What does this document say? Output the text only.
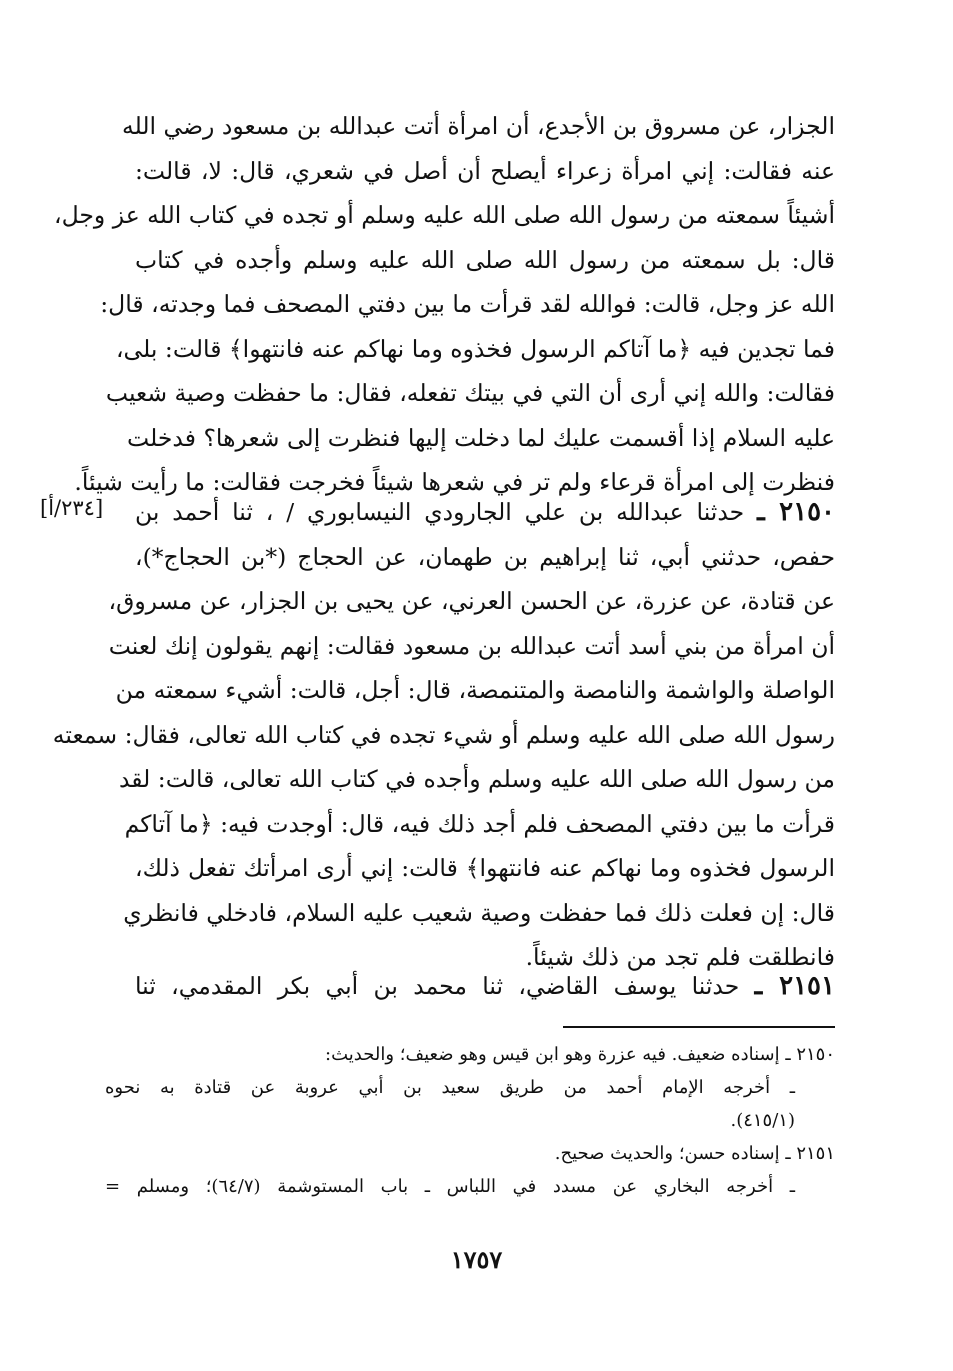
الجزار، عن مسروق بن الأجدع، أن امرأة أتت عبدالله بن مسعود رضي الله
عنه فقالت: إني امرأة زعراء أيصلح أن أصل في شعري، قال: لا، قالت:
أشيئاً سمعته من رسول الله صلى الله عليه وسلم أو تجده في كتاب الله عز وجل،
قال: بل سمعته من رسول الله صلى الله عليه وسلم وأجده في كتاب
الله عز وجل، قالت: فوالله لقد قرأت ما بين دفتي المصحف فما وجدته، قال:
فما تجدين فيه ﴿ما آتاكم الرسول فخذوه وما نهاكم عنه فانتهوا﴾ قالت: بلى،
فقالت: والله إني أرى أن التي في بيتك تفعله، فقال: ما حفظت وصية شعيب
عليه السلام إذا أقسمت عليك لما دخلت إليها فنظرت إلى شعرها؟ فدخلت
فنظرت إلى امرأة قرعاء ولم تر في شعرها شيئاً فخرجت فقالت: ما رأيت شيئاً.
[٢٣٤/أ]	٢١٥٠ ـ حدثنا عبدالله بن علي الجارودي النيسابوري / ، ثنا أحمد بن
حفص، حدثني أبي، ثنا إبراهيم بن طهمان، عن الحجاج (*بن الحجاج*)،
عن قتادة، عن عزرة، عن الحسن العرني، عن يحيى بن الجزار، عن مسروق،
أن امرأة من بني أسد أتت عبدالله بن مسعود فقالت: إنهم يقولون إنك لعنت
الواصلة والواشمة والنامصة والمتنمصة، قال: أجل، قالت: أشيء سمعته من
رسول الله صلى الله عليه وسلم أو شيء تجده في كتاب الله تعالى، فقال: سمعته
من رسول الله صلى الله عليه وسلم وأجده في كتاب الله تعالى، قالت: لقد
قرأت ما بين دفتي المصحف فلم أجد ذلك فيه، قال: أوجدت فيه: ﴿ما آتاكم
الرسول فخذوه وما نهاكم عنه فانتهوا﴾ قالت: إني أرى امرأتك تفعل ذلك،
قال: إن فعلت ذلك فما حفظت وصية شعيب عليه السلام، فادخلي فانظري
فانطلقت فلم تجد من ذلك شيئاً.
٢١٥١ ـ حدثنا يوسف القاضي، ثنا محمد بن أبي بكر المقدمي، ثنا
٢١٥٠ ـ إسناده ضعيف. فيه عزرة وهو ابن قيس وهو ضعيف؛ والحديث:
ـ أخرجه الإمام أحمد من طريق سعيد بن أبي عروبة عن قتادة به نحوه
(٤١٥/١).
٢١٥١ ـ إسناده حسن؛ والحديث صحيح.
ـ أخرجه البخاري عن مسدد في اللباس ـ باب المستوشمة (٦٤/٧)؛ ومسلم =
١٧٥٧
